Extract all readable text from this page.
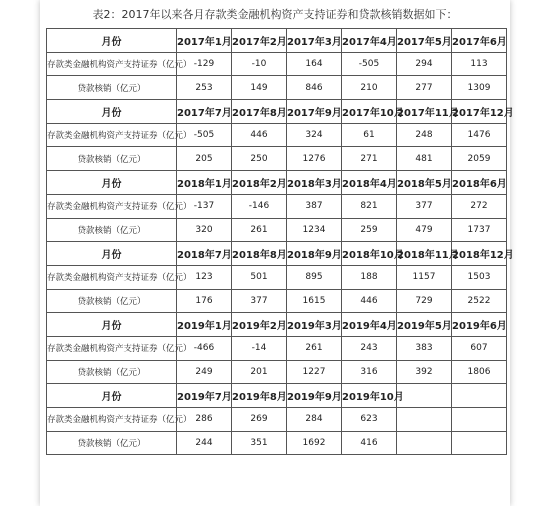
表2：2017年以来各月存款类金融机构资产支持证券和贷款核销数据如下：
月份	2017年1月	2017年2月	2017年3月	2017年4月	2017年5月	2017年6月
存款类金融机构资产支持证券（亿元）	-129	-10	164	-505	294	113
贷款核销（亿元）	253	149	846	210	277	1309
月份	2017年7月	2017年8月	2017年9月	2017年10月	2017年11月	2017年12月
存款类金融机构资产支持证券（亿元）	-505	446	324	61	248	1476
贷款核销（亿元）	205	250	1276	271	481	2059
月份	2018年1月	2018年2月	2018年3月	2018年4月	2018年5月	2018年6月
存款类金融机构资产支持证券（亿元）	-137	-146	387	821	377	272
贷款核销（亿元）	320	261	1234	259	479	1737
月份	2018年7月	2018年8月	2018年9月	2018年10月	2018年11月	2018年12月
存款类金融机构资产支持证券（亿元）	123	501	895	188	1157	1503
贷款核销（亿元）	176	377	1615	446	729	2522
月份	2019年1月	2019年2月	2019年3月	2019年4月	2019年5月	2019年6月
存款类金融机构资产支持证券（亿元）	-466	-14	261	243	383	607
贷款核销（亿元）	249	201	1227	316	392	1806
月份	2019年7月	2019年8月	2019年9月	2019年10月		
存款类金融机构资产支持证券（亿元）	286	269	284	623		
贷款核销（亿元）	244	351	1692	416		
